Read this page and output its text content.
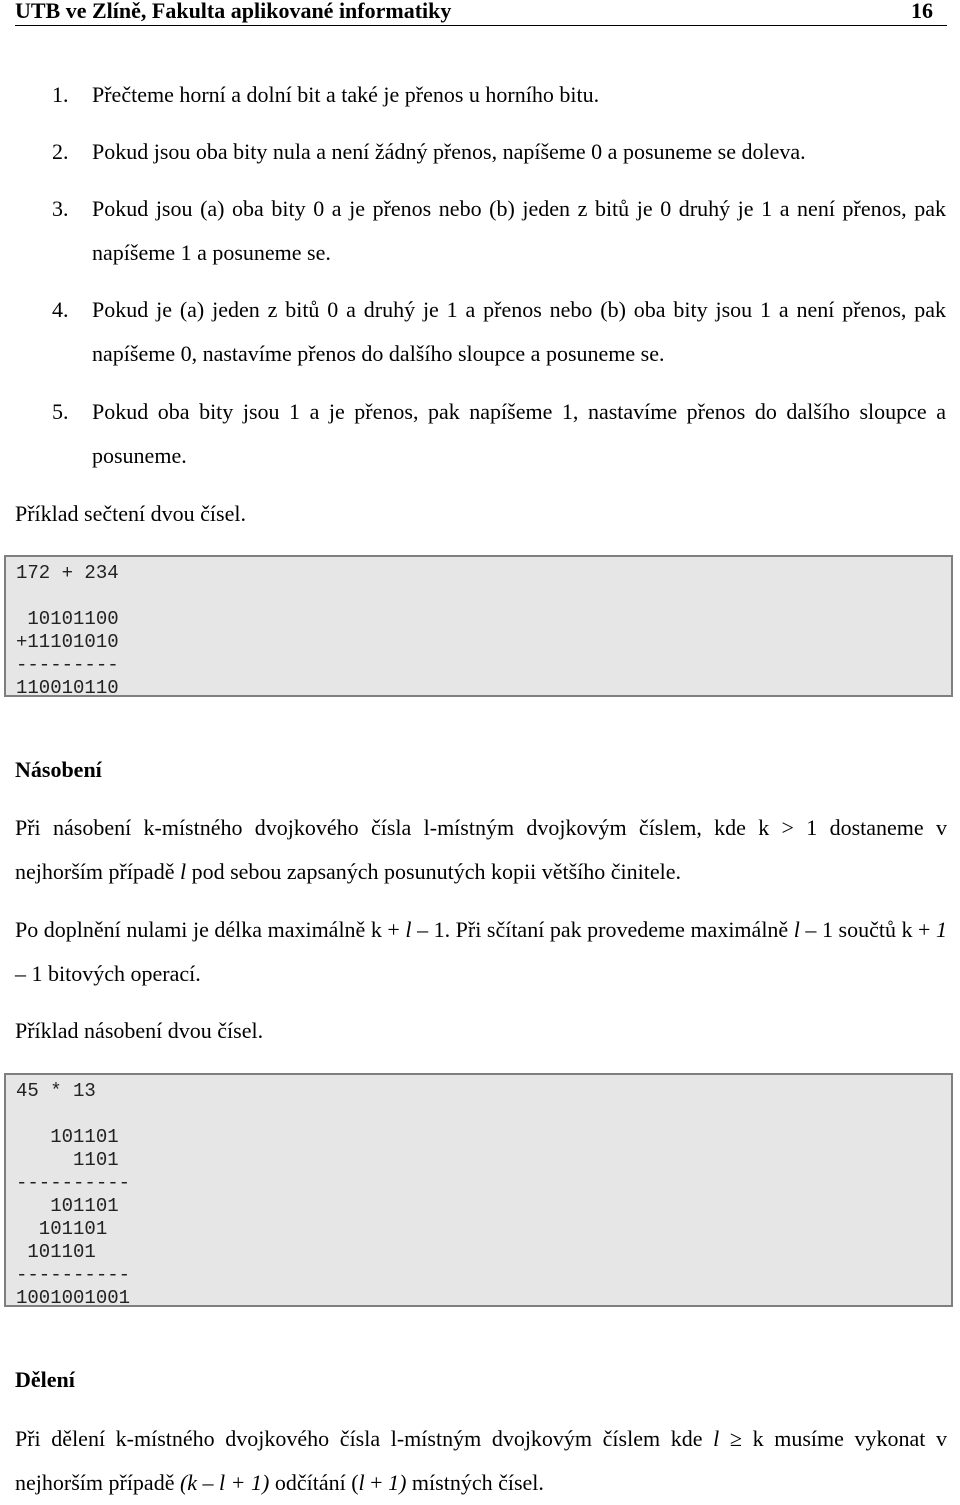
UTB ve Zlíně, Fakulta aplikované informatiky	16
1.	Přečteme horní a dolní bit a také je přenos u horního bitu.
2.	Pokud jsou oba bity nula a není žádný přenos, napíšeme 0 a posuneme se doleva.
3.	Pokud jsou (a) oba bity 0 a je přenos nebo (b) jeden z bitů je 0 druhý je 1 a není přenos, pak napíšeme 1 a posuneme se.
4.	Pokud je (a) jeden z bitů 0 a druhý je 1 a přenos nebo (b) oba bity jsou 1 a není přenos, pak napíšeme 0, nastavíme přenos do dalšího sloupce a posuneme se.
5.	Pokud oba bity jsou 1 a je přenos, pak napíšeme 1, nastavíme přenos do dalšího sloupce a posuneme.
Příklad sečtení dvou čísel.
172 + 234

10101100
+11101010
---------
110010110
Násobení
Při násobení k-místného dvojkového čísla l-místným dvojkovým číslem, kde k > 1 dostaneme v nejhorším případě l pod sebou zapsaných posunutých kopii většího činitele.
Po doplnění nulami je délka maximálně k + l – 1. Při sčítaní pak provedeme maximálně l – 1 součtů k + 1 – 1 bitových operací.
Příklad násobení dvou čísel.
45 * 13

101101
1101
----------
101101
101101
101101
----------
1001001001
Dělení
Při dělení k-místného dvojkového čísla l-místným dvojkovým číslem kde l ≥ k musíme vykonat v nejhorším případě (k – l + 1) odčítání (l + 1) místných čísel.
